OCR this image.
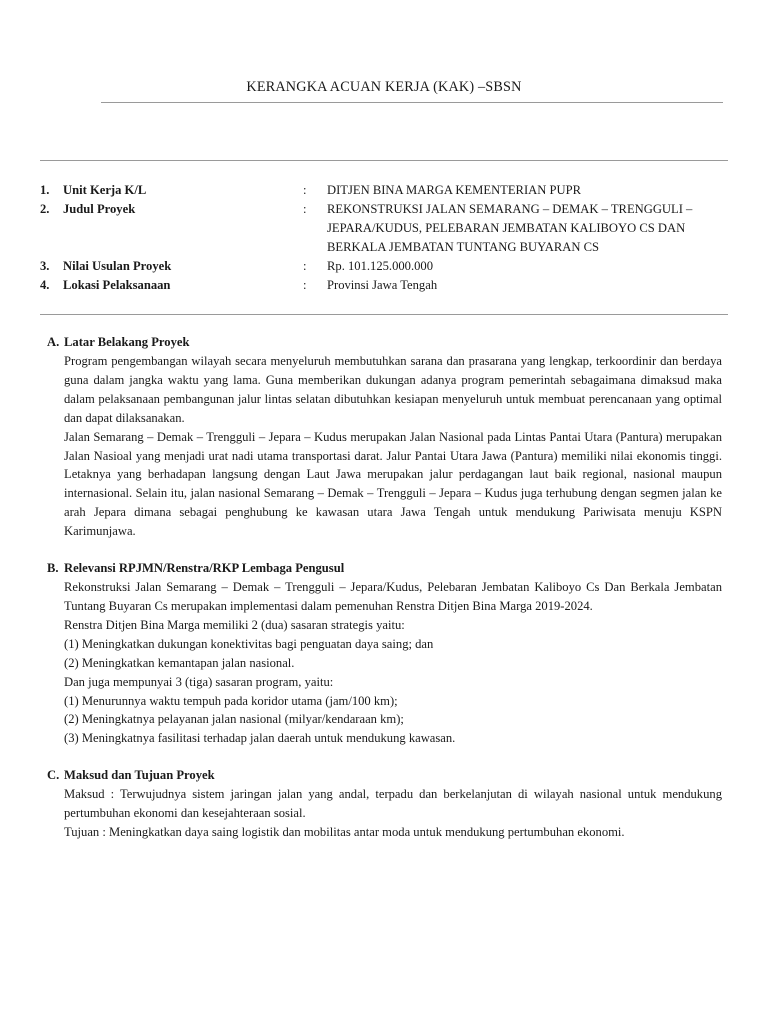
KERANGKA ACUAN KERJA (KAK) –SBSN
1.	Unit Kerja K/L	:	DITJEN BINA MARGA KEMENTERIAN PUPR
2.	Judul Proyek	:	REKONSTRUKSI JALAN SEMARANG – DEMAK – TRENGGULI – JEPARA/KUDUS, PELEBARAN JEMBATAN KALIBOYO CS DAN BERKALA JEMBATAN TUNTANG BUYARAN CS
3.	Nilai Usulan Proyek	:	Rp. 101.125.000.000
4.	Lokasi Pelaksanaan	:	Provinsi Jawa Tengah
A. Latar Belakang Proyek

Program pengembangan wilayah secara menyeluruh membutuhkan sarana dan prasarana yang lengkap, terkoordinir dan berdaya guna dalam jangka waktu yang lama. Guna memberikan dukungan adanya program pemerintah sebagaimana dimaksud maka dalam pelaksanaan pembangunan jalur lintas selatan dibutuhkan kesiapan menyeluruh untuk membuat perencanaan yang optimal dan dapat dilaksanakan.

Jalan Semarang – Demak – Trengguli – Jepara – Kudus merupakan Jalan Nasional pada Lintas Pantai Utara (Pantura) merupakan Jalan Nasioal yang menjadi urat nadi utama transportasi darat. Jalur Pantai Utara Jawa (Pantura) memiliki nilai ekonomis tinggi. Letaknya yang berhadapan langsung dengan Laut Jawa merupakan jalur perdagangan laut baik regional, nasional maupun internasional. Selain itu, jalan nasional Semarang – Demak – Trengguli – Jepara – Kudus juga terhubung dengan segmen jalan ke arah Jepara dimana sebagai penghubung ke kawasan utara Jawa Tengah untuk mendukung Pariwisata menuju KSPN Karimunjawa.

B. Relevansi RPJMN/Renstra/RKP Lembaga Pengusul

Rekonstruksi Jalan Semarang – Demak – Trengguli – Jepara/Kudus, Pelebaran Jembatan Kaliboyo Cs Dan Berkala Jembatan Tuntang Buyaran Cs merupakan implementasi dalam pemenuhan Renstra Ditjen Bina Marga 2019-2024.

Renstra Ditjen Bina Marga memiliki 2 (dua) sasaran strategis yaitu:

(1) Meningkatkan dukungan konektivitas bagi penguatan daya saing; dan

(2) Meningkatkan kemantapan jalan nasional.

Dan juga mempunyai 3 (tiga) sasaran program, yaitu:

(1) Menurunnya waktu tempuh pada koridor utama (jam/100 km);

(2) Meningkatnya pelayanan jalan nasional (milyar/kendaraan km);

(3) Meningkatnya fasilitasi terhadap jalan daerah untuk mendukung kawasan.

C. Maksud dan Tujuan Proyek

Maksud : Terwujudnya sistem jaringan jalan yang andal, terpadu dan berkelanjutan di wilayah nasional untuk mendukung pertumbuhan ekonomi dan kesejahteraan sosial.

Tujuan : Meningkatkan daya saing logistik dan mobilitas antar moda untuk mendukung pertumbuhan ekonomi.
